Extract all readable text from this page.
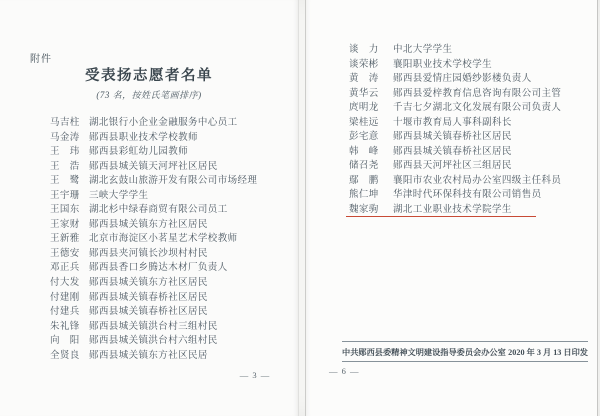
附件
受表扬志愿者名单
(73 名，按姓氏笔画排序)
马吉柱 湖北银行小企业金融服务中心员工
马金涛 郧西县职业技术学校教师
王　玮 郧西县彩虹幼儿园教师
王　浩 郧西县城关镇天河坪社区居民
王　鹭 湖北玄鼓山旅游开发有限公司市场经理
王宇珊 三峡大学学生
王国东 湖北杉中绿春商贸有限公司员工
王家财 郧西县城关镇东方社区居民
王新雅 北京市海淀区小茗星艺术学校教师
王德安 郧西县夹河镇长沙坝村村民
邓正兵 郧西县香口乡腾达木材厂负责人
付大发 郧西县城关镇东方社区居民
付建刚 郧西县城关镇春桥社区居民
付建兵 郧西县城关镇春桥社区居民
朱礼锋 郧西县城关镇洪台村三组村民
向　阳 郧西县城关镇洪台村六组村民
全贤良 郧西县城关镇东方社区民居
— 3 —
谈　力	中北大学学生
谈荣彬	襄阳职业技术学校学生
黄　涛	郧西县爱情庄园婚纱影楼负责人
黄华云	郧西县爱梓教育信息咨询有限公司主管
庹明龙	千吉七夕湖北文化发展有限公司负责人
梁桂远	十堰市教育局人事科副科长
彭宅意	郧西县城关镇春桥社区居民
韩　峰	郧西县城关镇春桥社区居民
储召尧	郧西县天河坪社区三组居民
鄢　鹏	襄阳市农业农村局办公室四级主任科员
熊仁坤	华津时代环保科技有限公司销售员
魏家驹	湖北工业职业技术学院学生
中共郧西县委精神文明建设指导委员会办公室 2020 年 3 月 13 日印发
— 6 —
